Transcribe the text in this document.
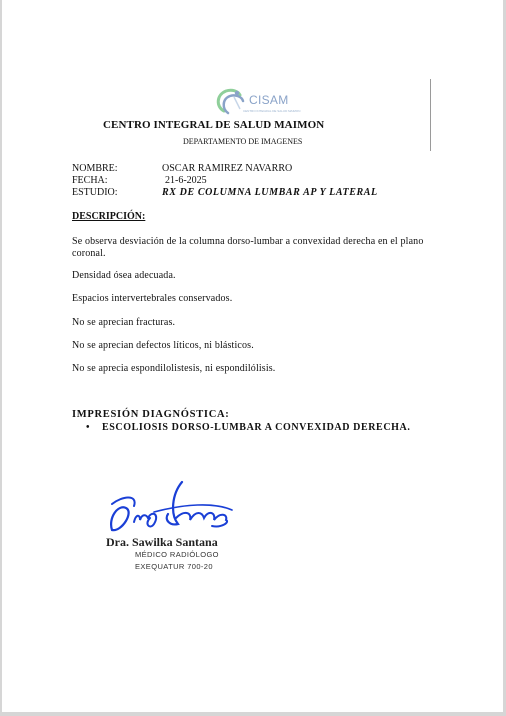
CISAM
CENTRO INTEGRAL DE SALUD MAIMON
CENTRO INTEGRAL DE SALUD MAIMON
DEPARTAMENTO DE IMAGENES
NOMBRE:	OSCAR RAMIREZ NAVARRO
FECHA:	21-6-2025
ESTUDIO:	RX DE COLUMNA LUMBAR AP Y LATERAL
DESCRIPCIÓN:
Se observa desviación de la columna dorso-lumbar a convexidad derecha en el plano coronal.
Densidad ósea adecuada.
Espacios intervertebrales conservados.
No se aprecian fracturas.
No se aprecian defectos líticos, ni blásticos.
No se aprecia espondilolistesis, ni espondilólisis.
IMPRESIÓN DIAGNÓSTICA:
• ESCOLIOSIS DORSO-LUMBAR A CONVEXIDAD DERECHA.
Dra. Sawilka Santana
MÉDICO RADIÓLOGO
EXEQUATUR 700-20
